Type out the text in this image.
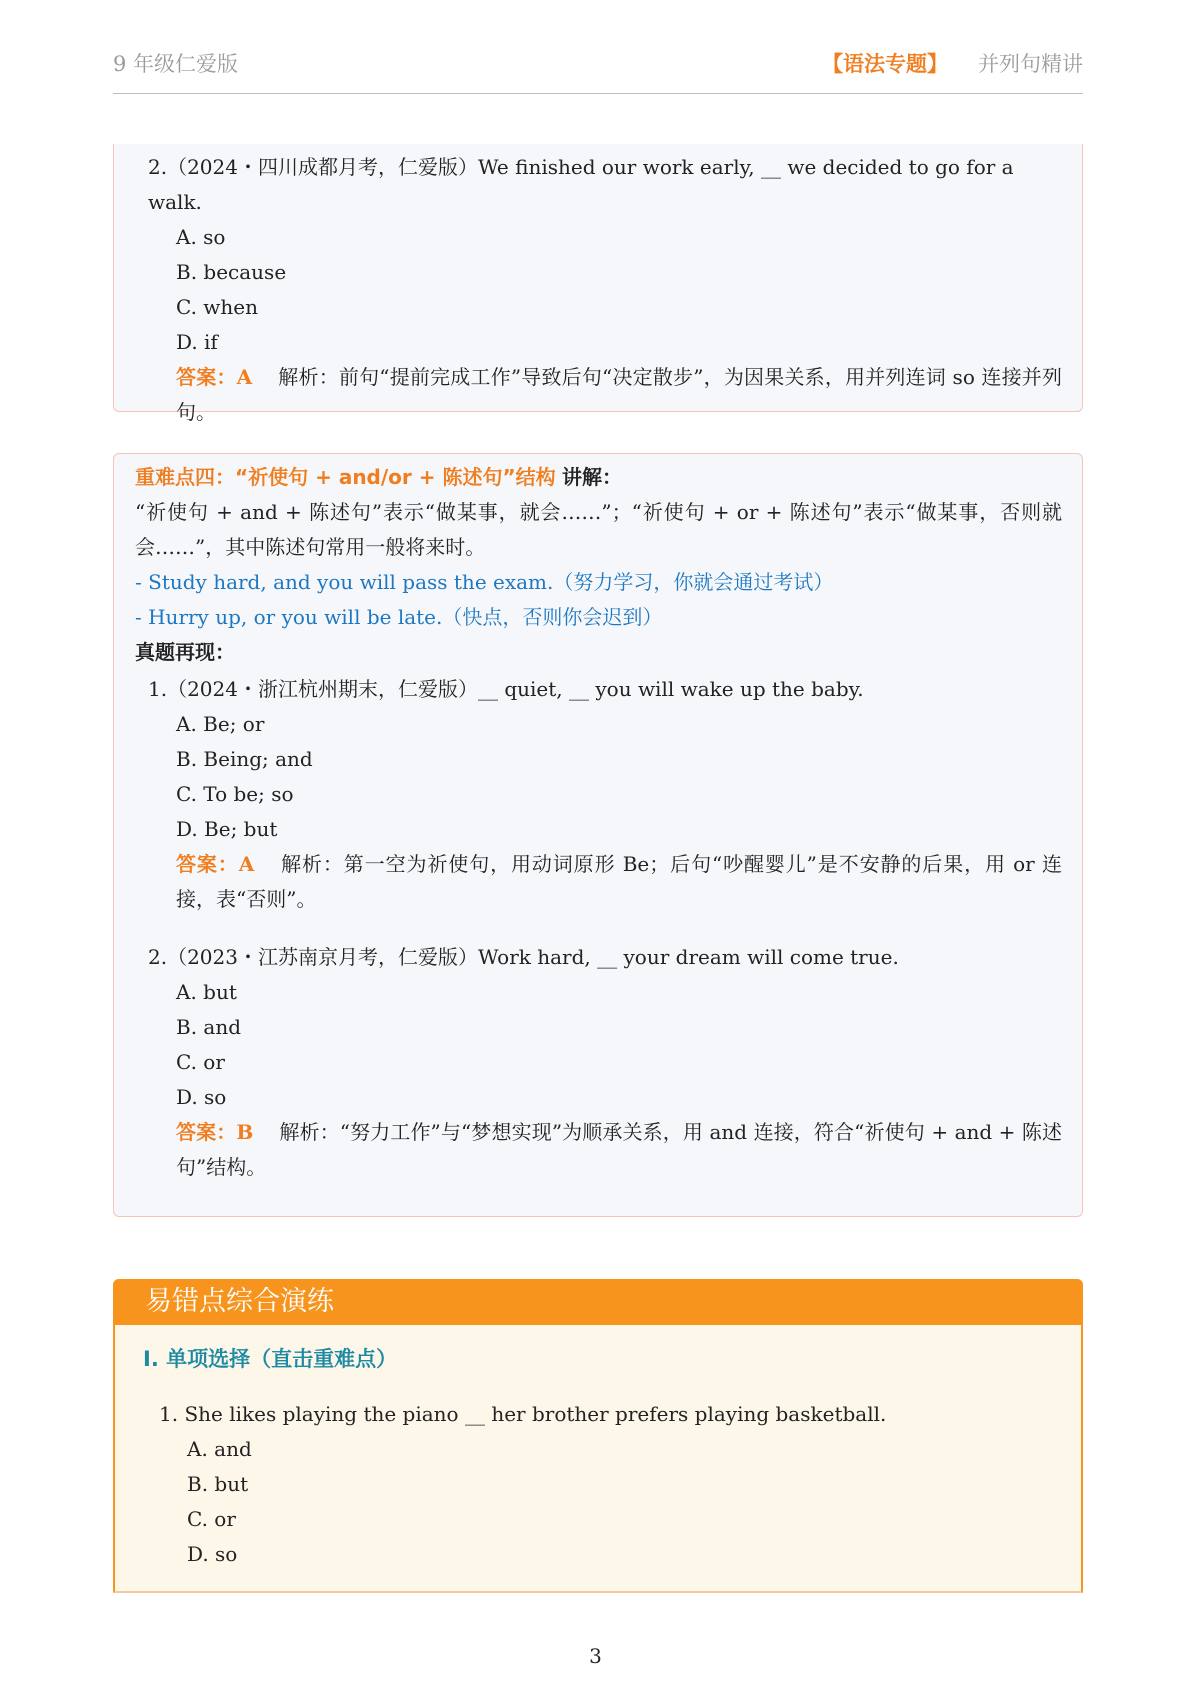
9 年级仁爱版	【语法专题】 并列句精讲
2.（2024・四川成都月考，仁爱版）We finished our work early, __ we decided to go for a walk.
A. so
B. because
C. when
D. if
答案：A 解析：前句“提前完成工作”导致后句“决定散步”，为因果关系，用并列连词 so 连接并列句。
重难点四：“祈使句 + and/or + 陈述句”结构 讲解：
“祈使句 + and + 陈述句”表示“做某事，就会……”；“祈使句 + or + 陈述句”表示“做某事，否则就会……”，其中陈述句常用一般将来时。
- Study hard, and you will pass the exam.（努力学习，你就会通过考试）
- Hurry up, or you will be late.（快点，否则你会迟到）
真题再现：
1.（2024・浙江杭州期末，仁爱版）__ quiet, __ you will wake up the baby.
A. Be; or
B. Being; and
C. To be; so
D. Be; but
答案：A 解析：第一空为祈使句，用动词原形 Be；后句“吵醒婴儿”是不安静的后果，用 or 连接，表“否则”。
2.（2023・江苏南京月考，仁爱版）Work hard, __ your dream will come true.
A. but
B. and
C. or
D. so
答案：B 解析：“努力工作”与“梦想实现”为顺承关系，用 and 连接，符合“祈使句 + and + 陈述句”结构。
易错点综合演练
I. 单项选择（直击重难点）
1. She likes playing the piano __ her brother prefers playing basketball.
A. and
B. but
C. or
D. so
3
